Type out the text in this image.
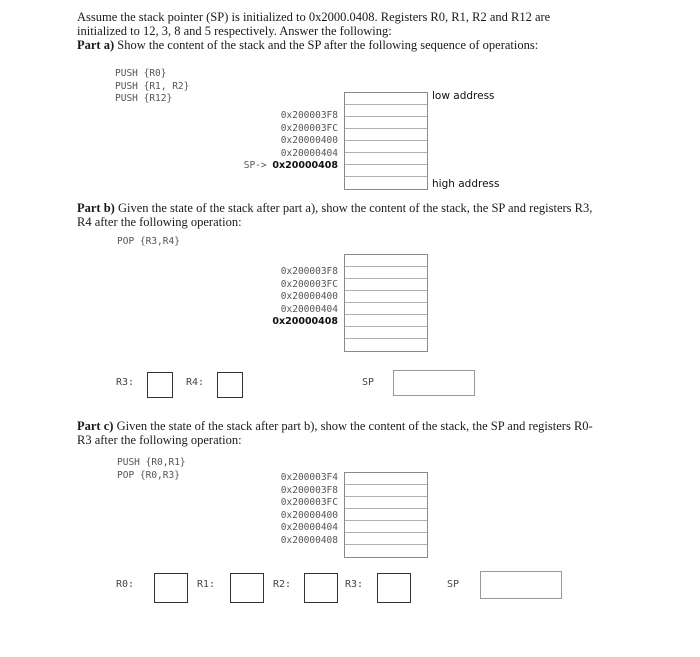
Assume the stack pointer (SP) is initialized to 0x2000.0408. Registers R0, R1, R2 and R12 are
initialized to 12, 3, 8 and 5 respectively. Answer the following:
Part a) Show the content of the stack and the SP after the following sequence of operations:
PUSH {R0}
PUSH {R1, R2}
PUSH {R12}	low address
high address
0x200003F8
0x200003FC
0x20000400
0x20000404
SP-> 0x20000408
Part b) Given the state of the stack after part a), show the content of the stack, the SP and registers R3,
R4 after the following operation:
POP {R3,R4}
0x200003F8
0x200003FC
0x20000400
0x20000404
0x20000408
R3:	R4:	SP
Part c) Given the state of the stack after part b), show the content of the stack, the SP and registers R0-
R3 after the following operation:
PUSH {R0,R1}
POP {R0,R3}	0x200003F4
0x200003F8
0x200003FC
0x20000400
0x20000404
0x20000408
R0:	R1:	R2:	R3:	SP
